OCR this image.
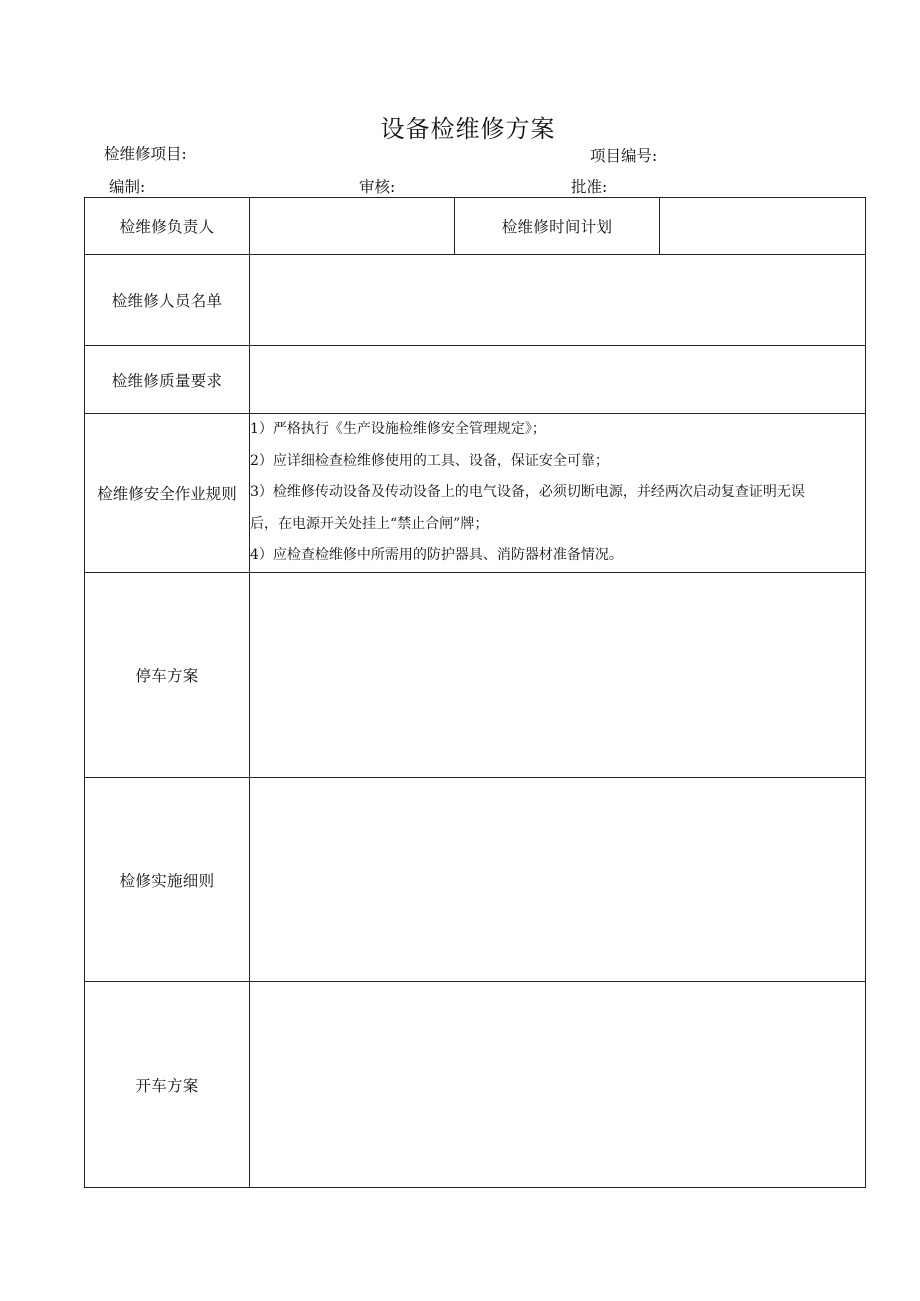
设备检维修方案
检维修项目:	项目编号:
编制:	审核:	批准:
检维修负责人		检维修时间计划	

检维修人员名单			

检维修质量要求			

检维修安全作业规则	1）严格执行《生产设施检维修安全管理规定》；
2）应详细检查检维修使用的工具、设备，保证安全可靠；
3）检维修传动设备及传动设备上的电气设备，必须切断电源，并经两次启动复查证明无误
后，在电源开关处挂上“禁止合闸”牌；
4）应检查检维修中所需用的防护器具、消防器材准备情况。		

停车方案			

检修实施细则			

开车方案			
